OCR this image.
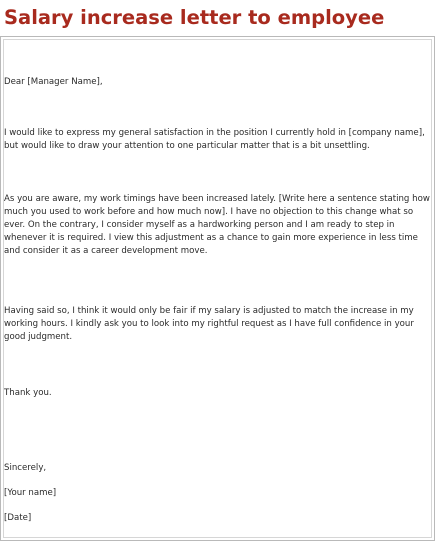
Salary increase letter to employee

Dear [Manager Name],

I would like to express my general satisfaction in the position I currently hold in [company name], but would like to draw your attention to one particular matter that is a bit unsettling.

As you are aware, my work timings have been increased lately. [Write here a sentence stating how much you used to work before and how much now]. I have no objection to this change what so ever. On the contrary, I consider myself as a hardworking person and I am ready to step in whenever it is required. I view this adjustment as a chance to gain more experience in less time and consider it as a career development move.

Having said so, I think it would only be fair if my salary is adjusted to match the increase in my working hours. I kindly ask you to look into my rightful request as I have full confidence in your good judgment.

Thank you.

Sincerely,

[Your name]

[Date]
